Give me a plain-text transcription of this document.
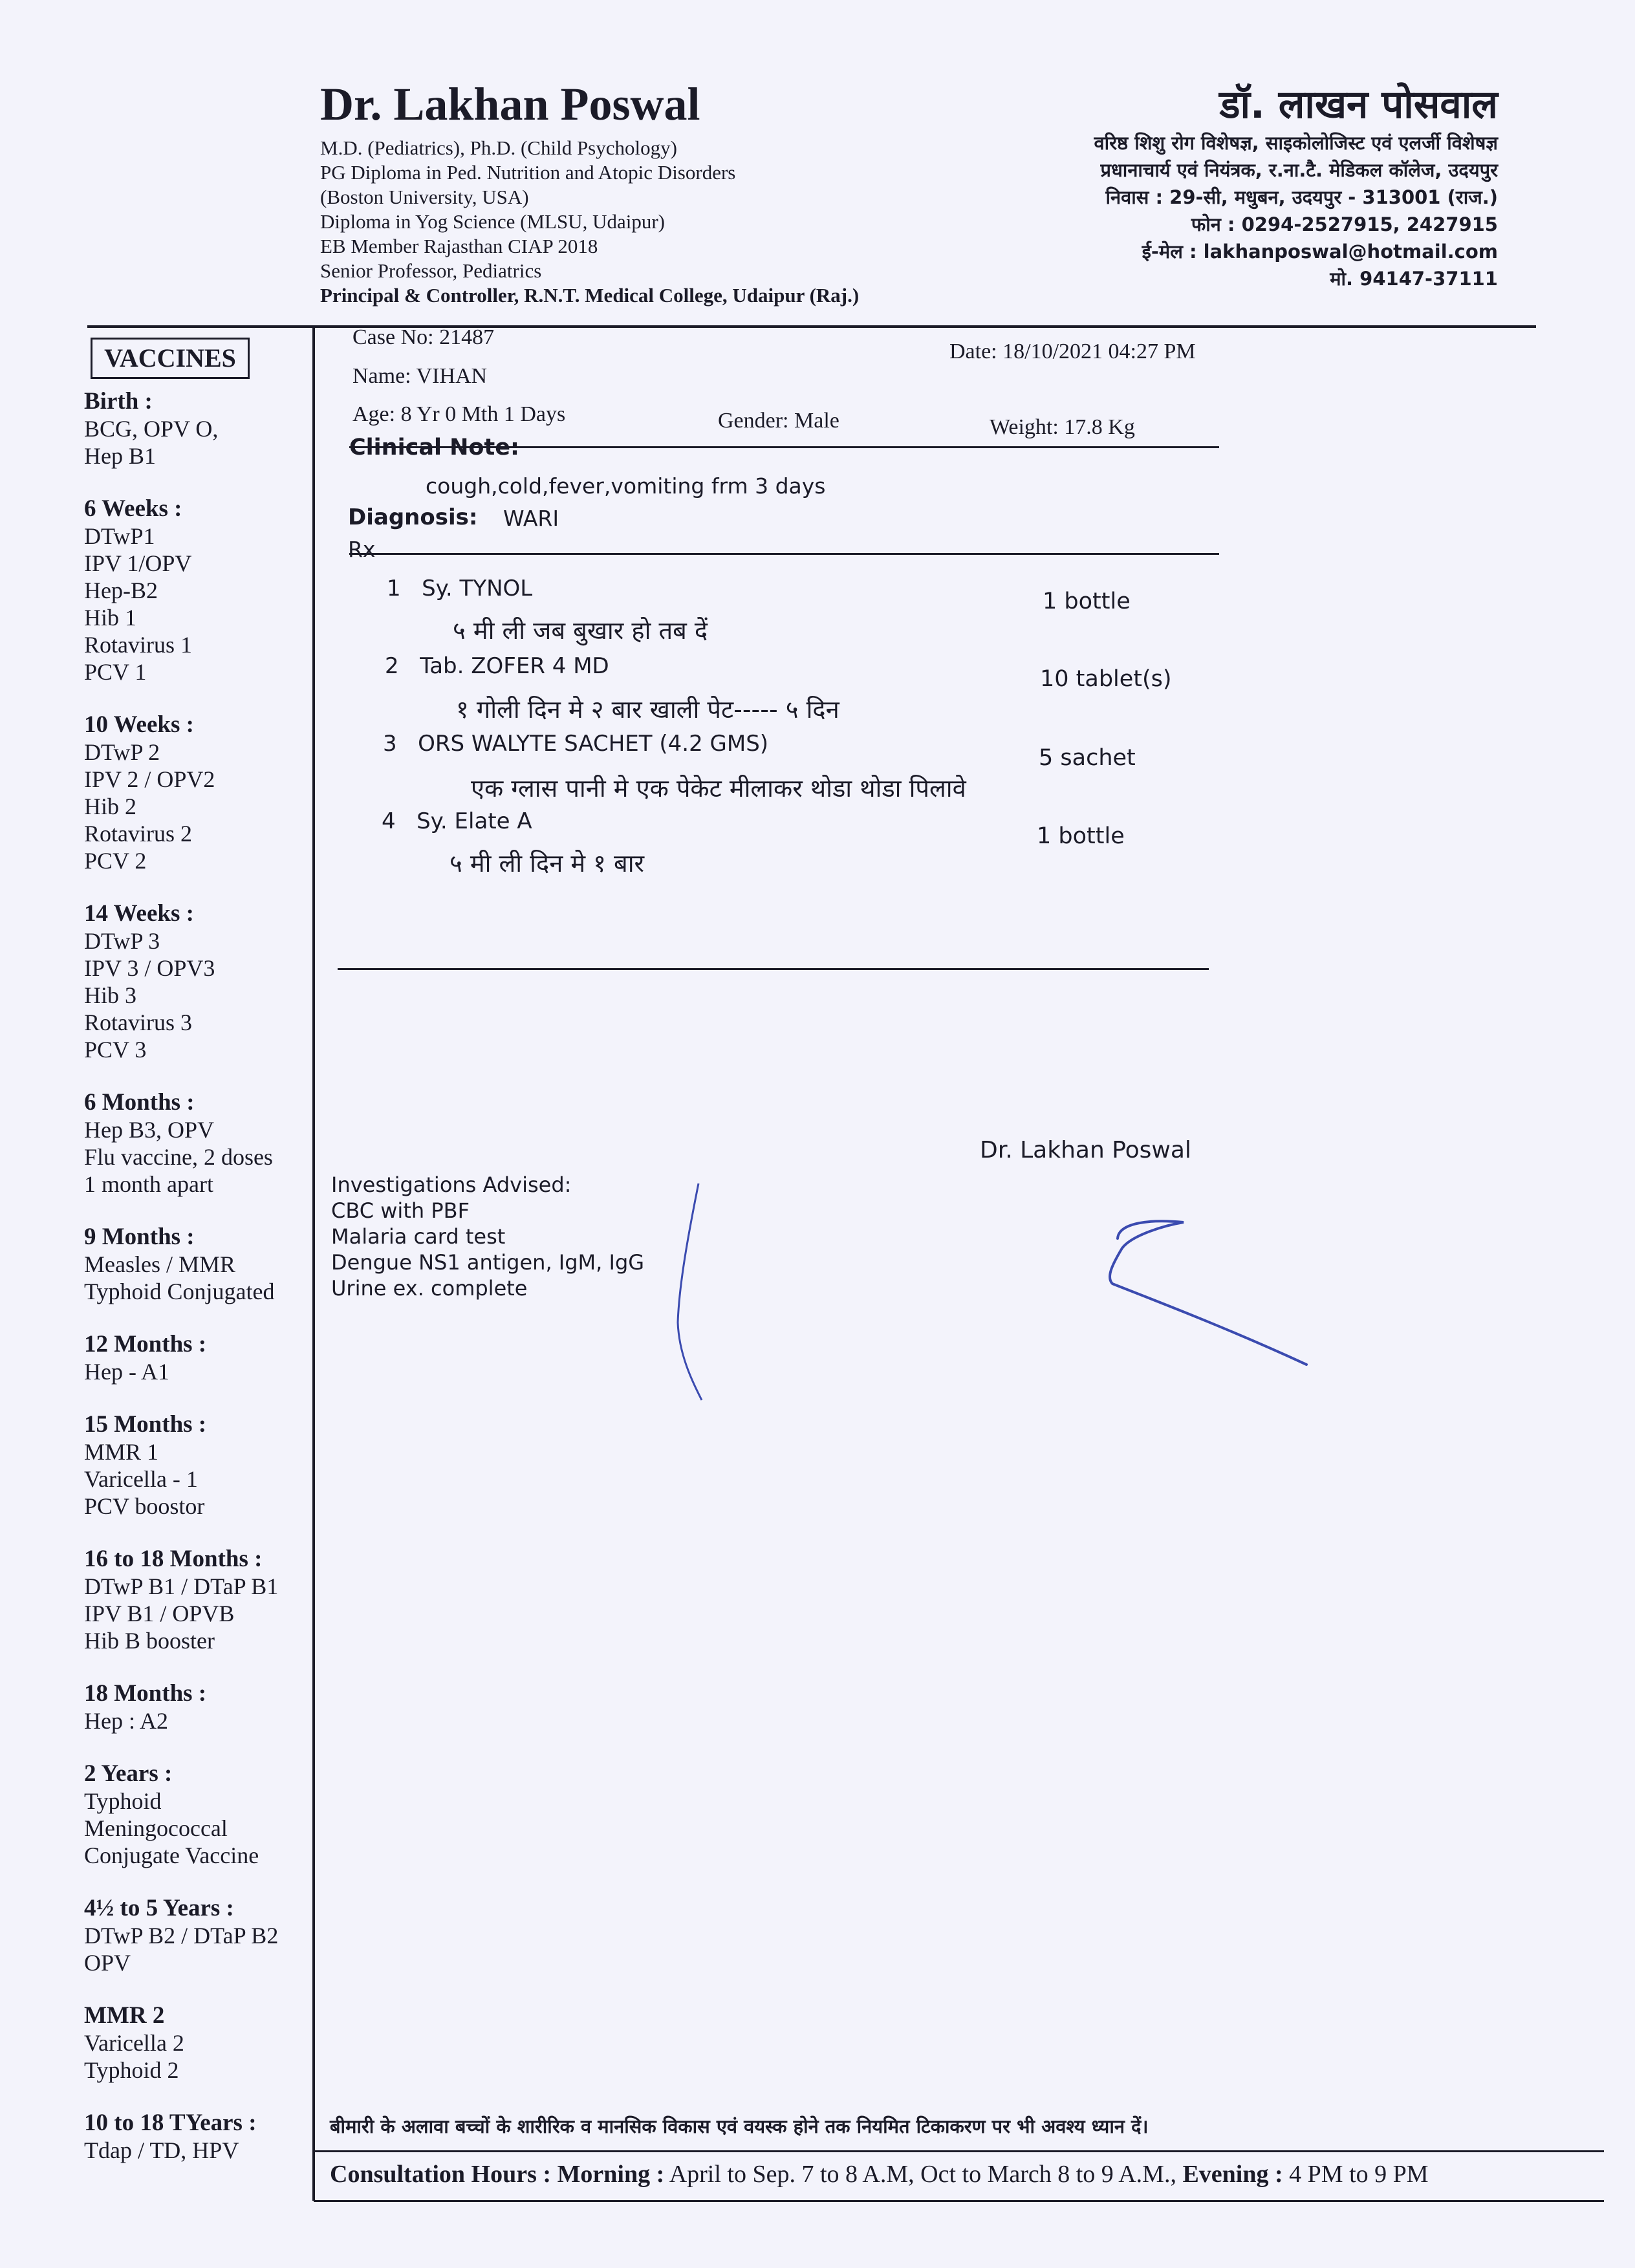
Dr. Lakhan Poswal
M.D. (Pediatrics), Ph.D. (Child Psychology)
PG Diploma in Ped. Nutrition and Atopic Disorders
(Boston University, USA)
Diploma in Yog Science (MLSU, Udaipur)
EB Member Rajasthan CIAP 2018
Senior Professor, Pediatrics
Principal & Controller, R.N.T. Medical College, Udaipur (Raj.)
डॉ. लाखन पोसवाल
वरिष्ठ शिशु रोग विशेषज्ञ, साइकोलोजिस्ट एवं एलर्जी विशेषज्ञ
प्रधानाचार्य एवं नियंत्रक, र.ना.टै. मेडिकल कॉलेज, उदयपुर
निवास : 29-सी, मधुबन, उदयपुर - 313001 (राज.)
फोन : 0294-2527915, 2427915
ई-मेल : lakhanposwal@hotmail.com
मो. 94147-37111
VACCINES
Birth :
BCG, OPV O,
Hep B1
6 Weeks :
DTwP1
IPV 1/OPV
Hep-B2
Hib 1
Rotavirus 1
PCV 1
10 Weeks :
DTwP 2
IPV 2 / OPV2
Hib 2
Rotavirus 2
PCV 2
14 Weeks :
DTwP 3
IPV 3 / OPV3
Hib 3
Rotavirus 3
PCV 3
6 Months :
Hep B3, OPV
Flu vaccine, 2 doses
1 month apart
9 Months :
Measles / MMR
Typhoid Conjugated
12 Months :
Hep - A1
15 Months :
MMR 1
Varicella - 1
PCV boostor
16 to 18 Months :
DTwP B1 / DTaP B1
IPV B1 / OPVB
Hib B booster
18 Months :
Hep : A2
2 Years :
Typhoid
Meningococcal
Conjugate Vaccine
4½ to 5 Years :
DTwP B2 / DTaP B2
OPV
MMR 2
Varicella 2
Typhoid 2
10 to 18 TYears :
Tdap / TD, HPV
Case No: 21487
Date: 18/10/2021 04:27 PM
Name: VIHAN
Age: 8 Yr 0 Mth 1 Days	Gender: Male	Weight: 17.8 Kg
Clinical Note:
cough,cold,fever,vomiting frm 3 days
Diagnosis: WARI
Rx
1 Sy. TYNOL	1 bottle
५ मी ली जब बुखार हो तब दें
2 Tab. ZOFER 4 MD	10 tablet(s)
१ गोली दिन मे २ बार खाली पेट----- ५ दिन
3 ORS WALYTE SACHET (4.2 GMS)
5 sachet
एक ग्लास पानी मे एक पेकेट मीलाकर थोडा थोडा पिलावे
4 Sy. Elate A
1 bottle
५ मी ली दिन मे १ बार
Dr. Lakhan Poswal
Investigations Advised:
CBC with PBF
Malaria card test
Dengue NS1 antigen, IgM, IgG
Urine ex. complete
बीमारी के अलावा बच्चों के शारीरिक व मानसिक विकास एवं वयस्क होने तक नियमित टिकाकरण पर भी अवश्य ध्यान दें।
Consultation Hours : Morning : April to Sep. 7 to 8 A.M, Oct to March 8 to 9 A.M., Evening : 4 PM to 9 PM
